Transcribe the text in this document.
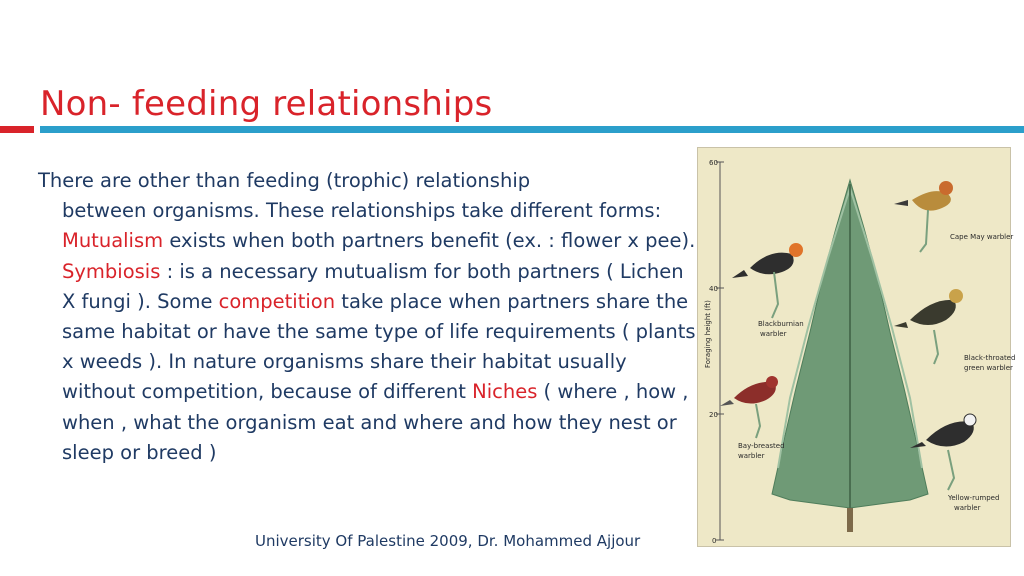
Non- feeding relationships
There are other than feeding (trophic) relationship
between organisms. These relationships take different forms: Mutualism exists when both partners benefit (ex. : flower x pee). Symbiosis : is a necessary mutualism for both partners ( Lichen X fungi ). Some competition take place when partners share the same habitat or have the same type of life requirements ( plants x weeds ). In nature organisms share their habitat usually without competition, because of different Niches ( where , how , when , what the organism eat and where and how they nest or sleep or breed )
60
40
20
0
Foraging height (ft)
Cape May warbler
Blackburnian
warbler
Black-throated
green warbler
Bay-breasted
warbler
Yellow-rumped
warbler
University Of Palestine 2009, Dr. Mohammed Ajjour
